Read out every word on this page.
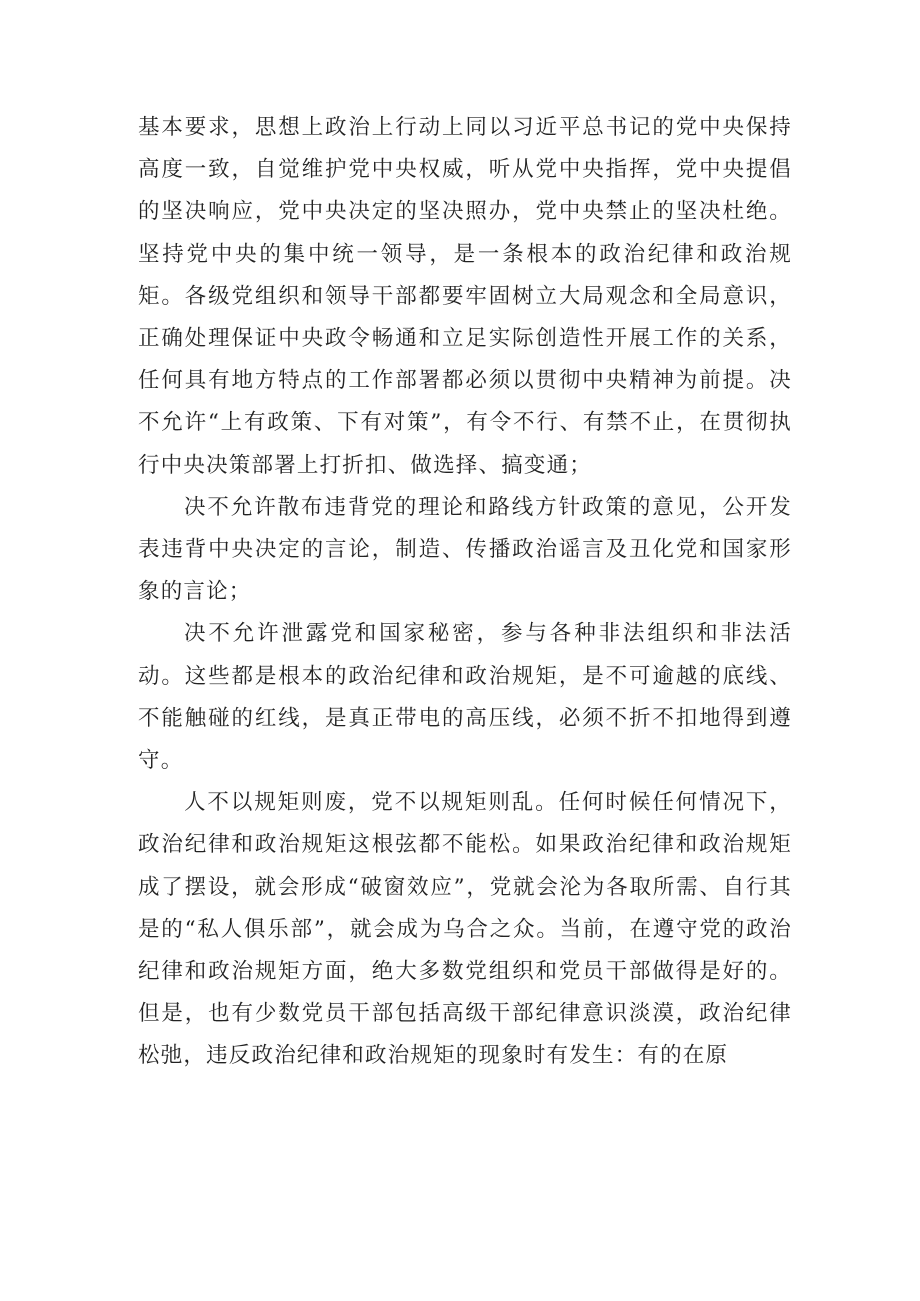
基本要求，思想上政治上行动上同以习近平总书记的党中央保持高度一致，自觉维护党中央权威，听从党中央指挥，党中央提倡的坚决响应，党中央决定的坚决照办，党中央禁止的坚决杜绝。坚持党中央的集中统一领导，是一条根本的政治纪律和政治规矩。各级党组织和领导干部都要牢固树立大局观念和全局意识，正确处理保证中央政令畅通和立足实际创造性开展工作的关系，任何具有地方特点的工作部署都必须以贯彻中央精神为前提。决不允许“上有政策、下有对策”，有令不行、有禁不止，在贯彻执行中央决策部署上打折扣、做选择、搞变通；

决不允许散布违背党的理论和路线方针政策的意见，公开发表违背中央决定的言论，制造、传播政治谣言及丑化党和国家形象的言论；

决不允许泄露党和国家秘密，参与各种非法组织和非法活动。这些都是根本的政治纪律和政治规矩，是不可逾越的底线、不能触碰的红线，是真正带电的高压线，必须不折不扣地得到遵守。

人不以规矩则废，党不以规矩则乱。任何时候任何情况下，政治纪律和政治规矩这根弦都不能松。如果政治纪律和政治规矩成了摆设，就会形成“破窗效应”，党就会沦为各取所需、自行其是的“私人俱乐部”，就会成为乌合之众。当前，在遵守党的政治纪律和政治规矩方面，绝大多数党组织和党员干部做得是好的。但是，也有少数党员干部包括高级干部纪律意识淡漠，政治纪律松弛，违反政治纪律和政治规矩的现象时有发生：有的在原
